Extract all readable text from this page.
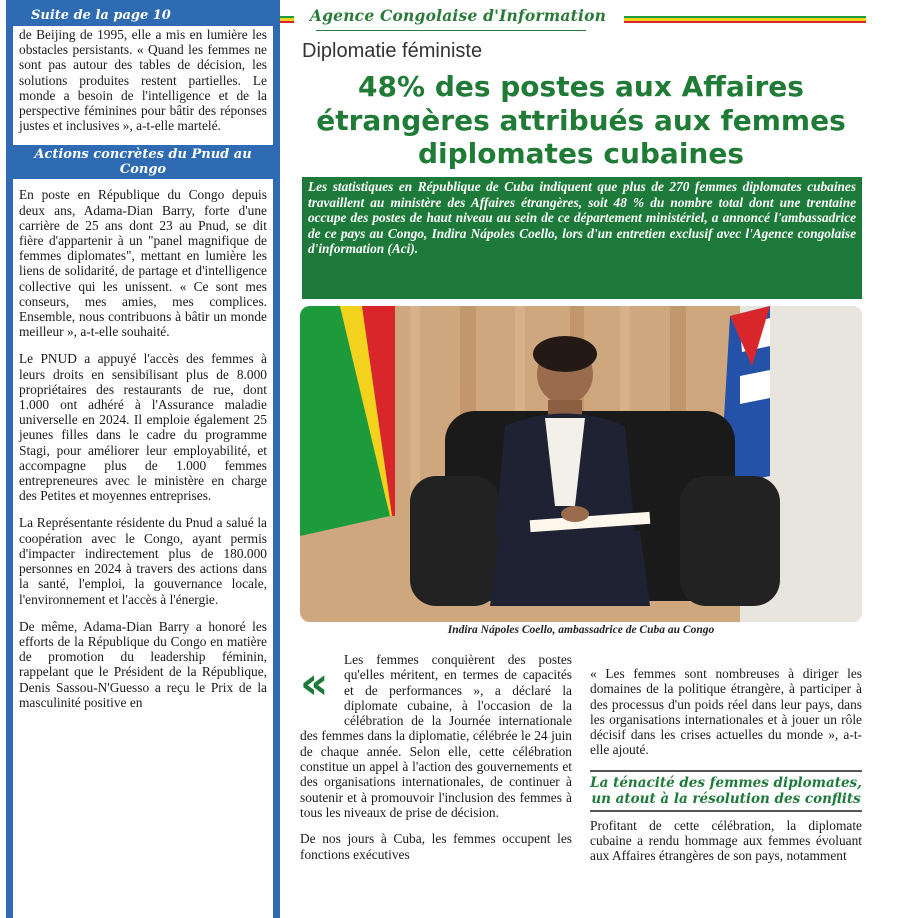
Suite de la page 10

de Beijing de 1995, elle a mis en lumière les obstacles persistants. « Quand les femmes ne sont pas autour des tables de décision, les solutions produites restent partielles. Le monde a besoin de l'intelligence et de la perspective féminines pour bâtir des réponses justes et inclusives », a-t-elle martelé.

Actions concrètes du Pnud au Congo

En poste en République du Congo depuis deux ans, Adama-Dian Barry, forte d'une carrière de 25 ans dont 23 au Pnud, se dit fière d'appartenir à un "panel magnifique de femmes diplomates", mettant en lumière les liens de solidarité, de partage et d'intelligence collective qui les unissent. « Ce sont mes conseurs, mes amies, mes complices. Ensemble, nous contribuons à bâtir un monde meilleur », a-t-elle souhaité.

Le PNUD a appuyé l'accès des femmes à leurs droits en sensibilisant plus de 8.000 propriétaires des restaurants de rue, dont 1.000 ont adhéré à l'Assurance maladie universelle en 2024. Il emploie également 25 jeunes filles dans le cadre du programme Stagi, pour améliorer leur employabilité, et accompagne plus de 1.000 femmes entrepreneures avec le ministère en charge des Petites et moyennes entreprises.

La Représentante résidente du Pnud a salué la coopération avec le Congo, ayant permis d'impacter indirectement plus de 180.000 personnes en 2024 à travers des actions dans la santé, l'emploi, la gouvernance locale, l'environnement et l'accès à l'énergie.

De même, Adama-Dian Barry a honoré les efforts de la République du Congo en matière de promotion du leadership féminin, rappelant que le Président de la République, Denis Sassou-N'Guesso a reçu le Prix de la masculinité positive en

Agence Congolaise d'Information
Diplomatie féministe
48% des postes aux Affaires étrangères attribués aux femmes diplomates cubaines
Les statistiques en République de Cuba indiquent que plus de 270 femmes diplomates cubaines travaillent au ministère des Affaires étrangères, soit 48 % du nombre total dont une trentaine occupe des postes de haut niveau au sein de ce département ministériel, a annoncé l'ambassadrice de ce pays au Congo, Indira Nápoles Coello, lors d'un entretien exclusif avec l'Agence congolaise d'information (Aci).
Indira Nápoles Coello, ambassadrice de Cuba au Congo
«	Les femmes conquièrent des postes qu'elles méritent, en termes de capacités et de performances », a déclaré la diplomate cubaine, à l'occasion de la célébration de la Journée internationale des femmes dans la diplomatie, célébrée le 24 juin de chaque année. Selon elle, cette célébration constitue un appel à l'action des gouvernements et des organisations internationales, de continuer à soutenir et à promouvoir l'inclusion des femmes à tous les niveaux de prise de décision.

De nos jours à Cuba, les femmes occupent les fonctions exécutives

« Les femmes sont nombreuses à diriger les domaines de la politique étrangère, à participer à des processus d'un poids réel dans leur pays, dans les organisations internationales et à jouer un rôle décisif dans les crises actuelles du monde », a-t-elle ajouté.

La ténacité des femmes diplomates, un atout à la résolution des conflits

Profitant de cette célébration, la diplomate cubaine a rendu hommage aux femmes évoluant aux Affaires étrangères de son pays, notamment
